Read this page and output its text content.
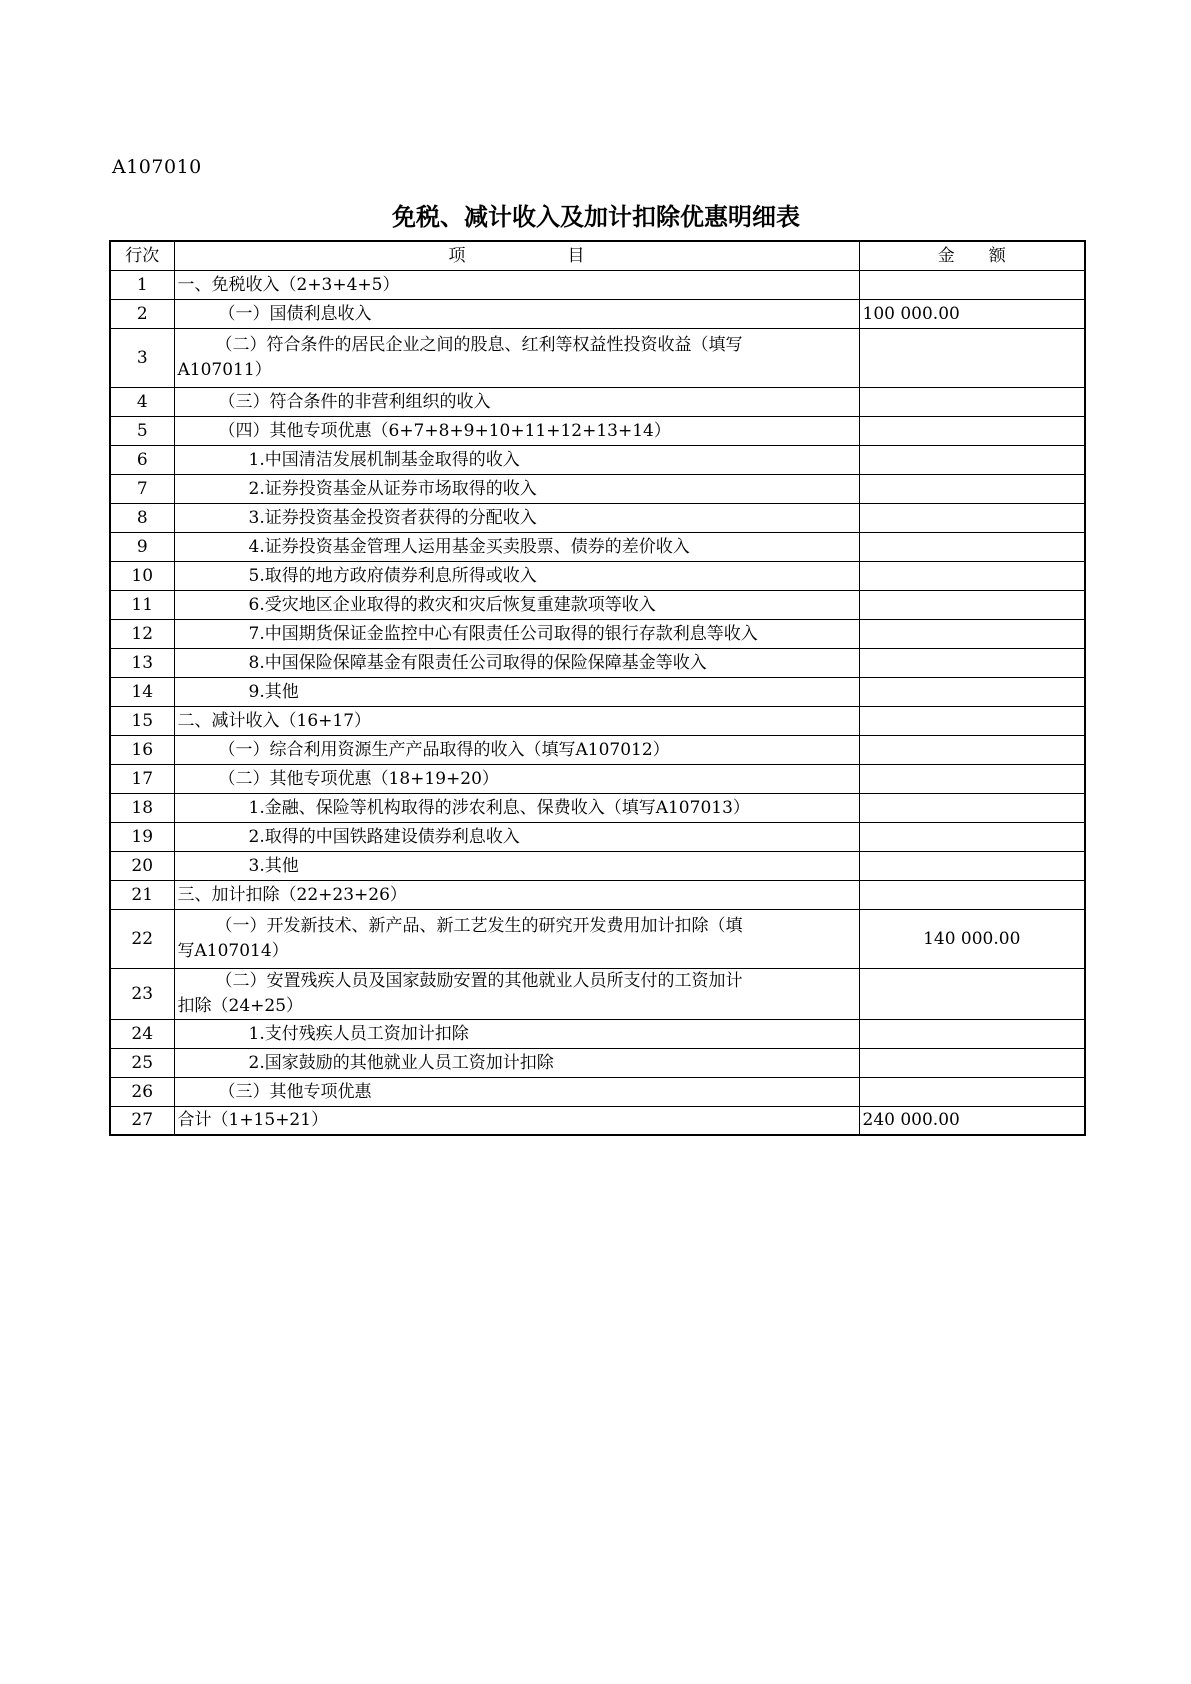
A107010
免税、减计收入及加计扣除优惠明细表
行次	项　　　　　　目	金　　额
1	一、免税收入（2+3+4+5）	
2	（一）国债利息收入	100 000.00
3	（二）符合条件的居民企业之间的股息、红利等权益性投资收益（填写
A107011）	

4	（三）符合条件的非营利组织的收入	
5	（四）其他专项优惠（6+7+8+9+10+11+12+13+14）	
6	1.中国清洁发展机制基金取得的收入	
7	2.证券投资基金从证券市场取得的收入	
8	3.证券投资基金投资者获得的分配收入	
9	4.证券投资基金管理人运用基金买卖股票、债券的差价收入	
10	5.取得的地方政府债券利息所得或收入	
11	6.受灾地区企业取得的救灾和灾后恢复重建款项等收入	
12	7.中国期货保证金监控中心有限责任公司取得的银行存款利息等收入	
13	8.中国保险保障基金有限责任公司取得的保险保障基金等收入	
14	9.其他	
15	二、减计收入（16+17）	
16	（一）综合利用资源生产产品取得的收入（填写A107012）	
17	（二）其他专项优惠（18+19+20）	
18	1.金融、保险等机构取得的涉农利息、保费收入（填写A107013）	
19	2.取得的中国铁路建设债券利息收入	
20	3.其他	
21	三、加计扣除（22+23+26）	
22	（一）开发新技术、新产品、新工艺发生的研究开发费用加计扣除（填
写A107014）	140 000.00
23	（二）安置残疾人员及国家鼓励安置的其他就业人员所支付的工资加计
扣除（24+25）	

24	1.支付残疾人员工资加计扣除	
25	2.国家鼓励的其他就业人员工资加计扣除	
26	（三）其他专项优惠	
27	合计（1+15+21）	240 000.00
